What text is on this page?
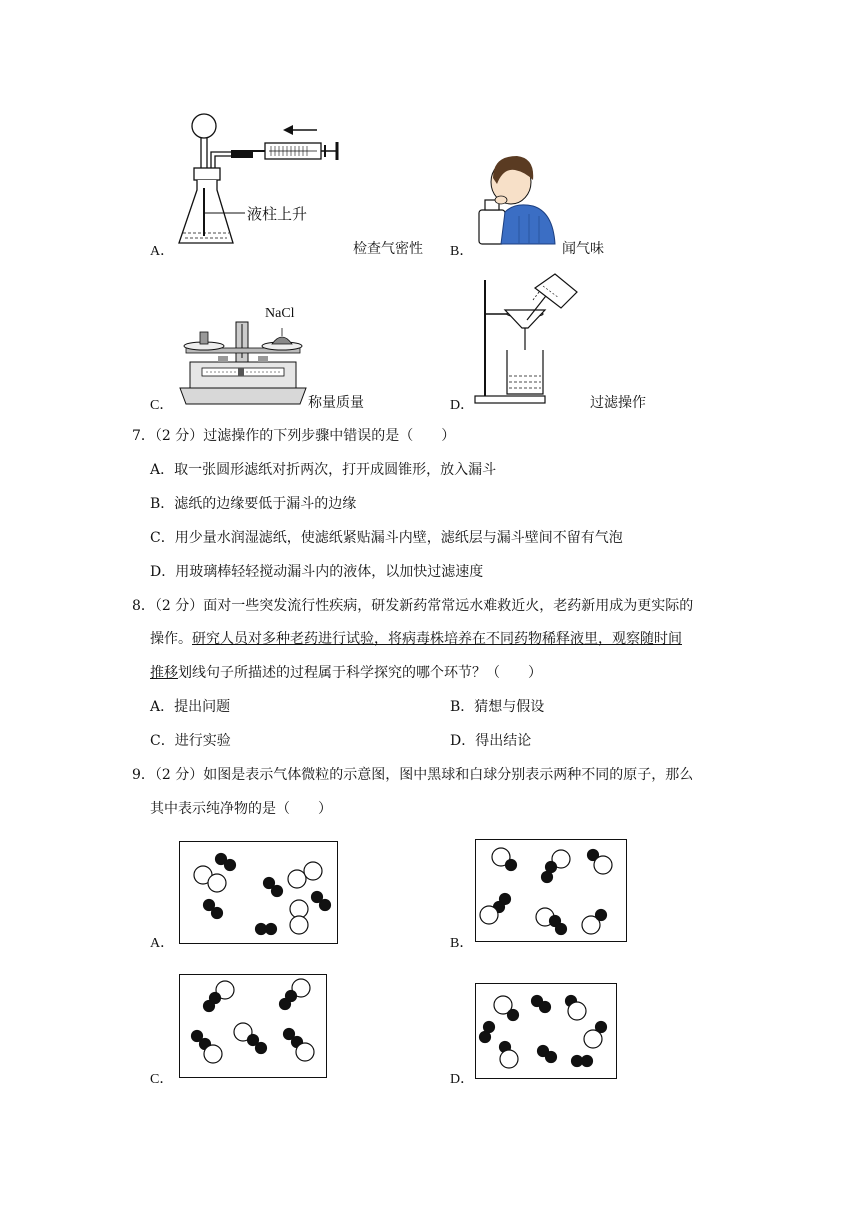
液柱上升
A．	检查气密性 B．	闻气味
NaCl
C．	称量质量	D．	过滤操作
7．（2 分）过滤操作的下列步骤中错误的是（　　）
A．取一张圆形滤纸对折两次，打开成圆锥形，放入漏斗
B．滤纸的边缘要低于漏斗的边缘
C．用少量水润湿滤纸，使滤纸紧贴漏斗内壁，滤纸层与漏斗壁间不留有气泡
D．用玻璃棒轻轻搅动漏斗内的液体，以加快过滤速度
8．（2 分）面对一些突发流行性疾病，研发新药常常远水难救近火，老药新用成为更实际的
操作。研究人员对多种老药进行试验，将病毒株培养在不同药物稀释液里，观察随时间
推移划线句子所描述的过程属于科学探究的哪个环节？（　　）
A．提出问题	B．猜想与假设
C．进行实验	D．得出结论
9．（2 分）如图是表示气体微粒的示意图，图中黑球和白球分别表示两种不同的原子，那么
其中表示纯净物的是（　　）
A．	B．
C．	D．
